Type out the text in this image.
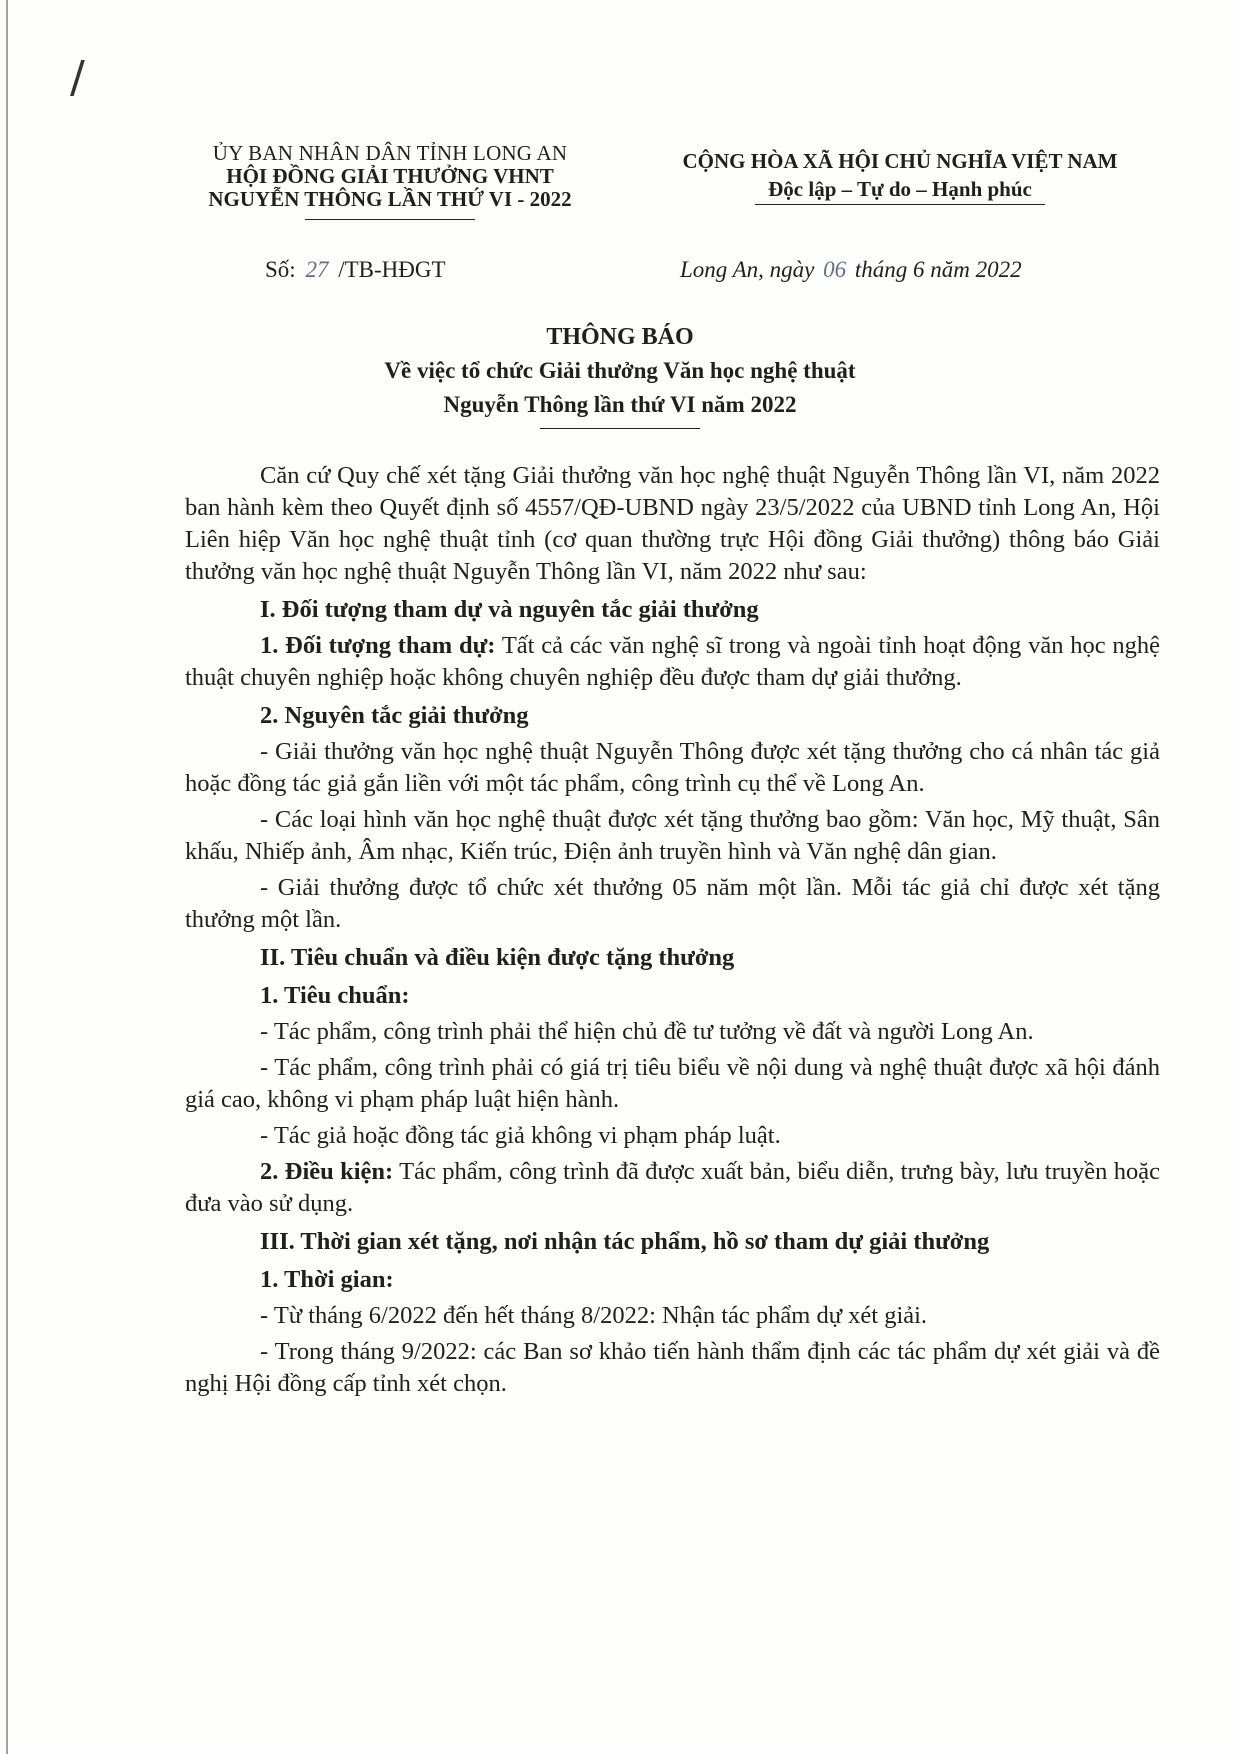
/
ỦY BAN NHÂN DÂN TỈNH LONG AN
HỘI ĐỒNG GIẢI THƯỞNG VHNT
NGUYỄN THÔNG LẦN THỨ VI - 2022
CỘNG HÒA XÃ HỘI CHỦ NGHĨA VIỆT NAM
Độc lập – Tự do – Hạnh phúc
Số: 27 /TB-HĐGT	Long An, ngày 06 tháng 6 năm 2022
THÔNG BÁO
Về việc tổ chức Giải thưởng Văn học nghệ thuật
Nguyễn Thông lần thứ VI năm 2022

Căn cứ Quy chế xét tặng Giải thưởng văn học nghệ thuật Nguyễn Thông lần VI, năm 2022 ban hành kèm theo Quyết định số 4557/QĐ-UBND ngày 23/5/2022 của UBND tỉnh Long An, Hội Liên hiệp Văn học nghệ thuật tỉnh (cơ quan thường trực Hội đồng Giải thưởng) thông báo Giải thưởng văn học nghệ thuật Nguyễn Thông lần VI, năm 2022 như sau:

I. Đối tượng tham dự và nguyên tắc giải thưởng

1. Đối tượng tham dự: Tất cả các văn nghệ sĩ trong và ngoài tỉnh hoạt động văn học nghệ thuật chuyên nghiệp hoặc không chuyên nghiệp đều được tham dự giải thưởng.

2. Nguyên tắc giải thưởng

- Giải thưởng văn học nghệ thuật Nguyễn Thông được xét tặng thưởng cho cá nhân tác giả hoặc đồng tác giả gắn liền với một tác phẩm, công trình cụ thể về Long An.

- Các loại hình văn học nghệ thuật được xét tặng thưởng bao gồm: Văn học, Mỹ thuật, Sân khấu, Nhiếp ảnh, Âm nhạc, Kiến trúc, Điện ảnh truyền hình và Văn nghệ dân gian.

- Giải thưởng được tổ chức xét thưởng 05 năm một lần. Mỗi tác giả chỉ được xét tặng thưởng một lần.

II. Tiêu chuẩn và điều kiện được tặng thưởng
1. Tiêu chuẩn:

- Tác phẩm, công trình phải thể hiện chủ đề tư tưởng về đất và người Long An.

- Tác phẩm, công trình phải có giá trị tiêu biểu về nội dung và nghệ thuật được xã hội đánh giá cao, không vi phạm pháp luật hiện hành.

- Tác giả hoặc đồng tác giả không vi phạm pháp luật.

2. Điều kiện: Tác phẩm, công trình đã được xuất bản, biểu diễn, trưng bày, lưu truyền hoặc đưa vào sử dụng.

III. Thời gian xét tặng, nơi nhận tác phẩm, hồ sơ tham dự giải thưởng
1. Thời gian:

- Từ tháng 6/2022 đến hết tháng 8/2022: Nhận tác phẩm dự xét giải.

- Trong tháng 9/2022: các Ban sơ khảo tiến hành thẩm định các tác phẩm dự xét giải và đề nghị Hội đồng cấp tỉnh xét chọn.
